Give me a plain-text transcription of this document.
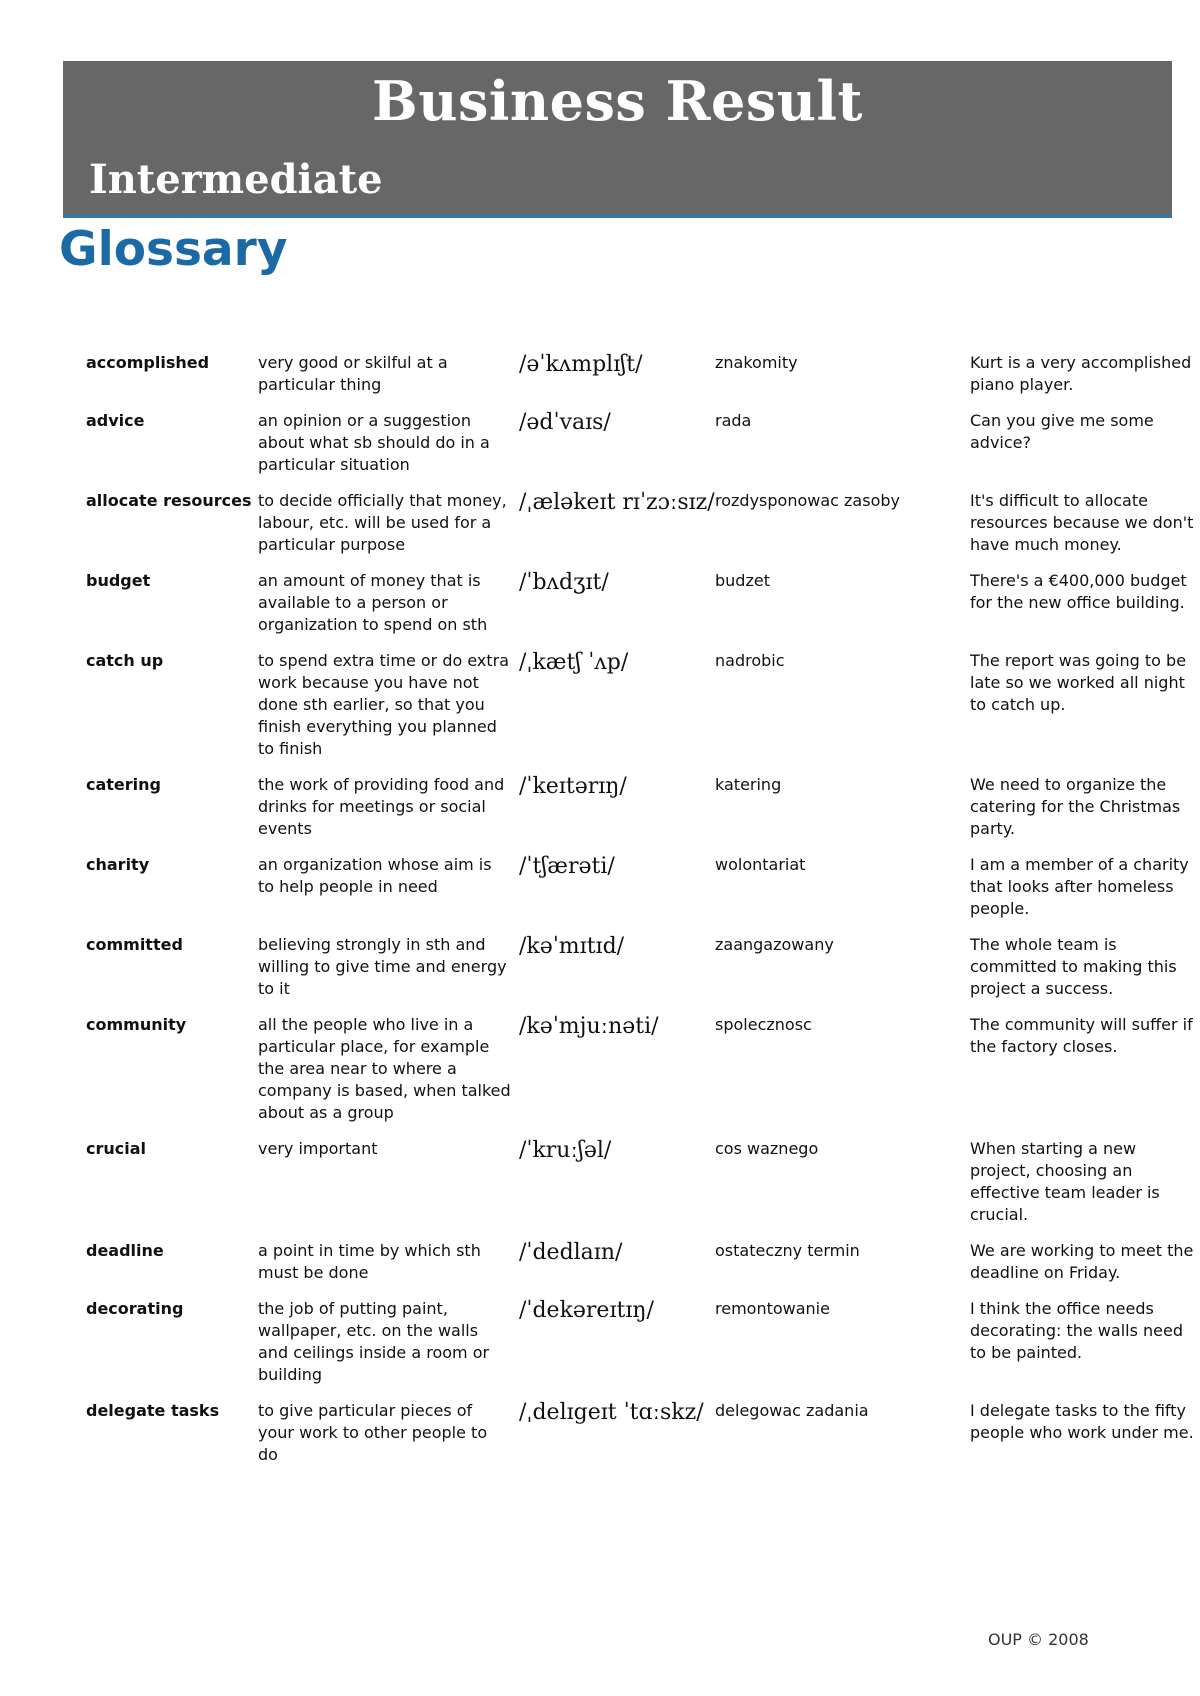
Business Result
Intermediate
Glossary
accomplished	very good or skilful at a particular thing	/əˈkʌmplɪʃt/	znakomity	Kurt is a very accomplished piano player.
advice	an opinion or a suggestion about what sb should do in a particular situation	/ədˈvaɪs/	rada	Can you give me some advice?
allocate resources	to decide officially that money, labour, etc. will be used for a particular purpose	/ˌæləkeɪt rɪˈzɔːsɪz/	rozdysponowac zasoby	It's difficult to allocate resources because we don't have much money.
budget	an amount of money that is available to a person or organization to spend on sth	/ˈbʌdʒɪt/	budzet	There's a €400,000 budget for the new office building.
catch up	to spend extra time or do extra work because you have not done sth earlier, so that you finish everything you planned to finish	/ˌkætʃ ˈʌp/	nadrobic	The report was going to be late so we worked all night to catch up.
catering	the work of providing food and drinks for meetings or social events	/ˈkeɪtərɪŋ/	katering	We need to organize the catering for the Christmas party.
charity	an organization whose aim is to help people in need	/ˈtʃærəti/	wolontariat	I am a member of a charity that looks after homeless people.
committed	believing strongly in sth and willing to give time and energy to it	/kəˈmɪtɪd/	zaangazowany	The whole team is committed to making this project a success.
community	all the people who live in a particular place, for example the area near to where a company is based, when talked about as a group	/kəˈmjuːnəti/	spolecznosc	The community will suffer if the factory closes.
crucial	very important	/ˈkruːʃəl/	cos waznego	When starting a new project, choosing an effective team leader is crucial.
deadline	a point in time by which sth must be done	/ˈdedlaɪn/	ostateczny termin	We are working to meet the deadline on Friday.
decorating	the job of putting paint, wallpaper, etc. on the walls and ceilings inside a room or building	/ˈdekəreɪtɪŋ/	remontowanie	I think the office needs decorating: the walls need to be painted.
delegate tasks	to give particular pieces of your work to other people to do	/ˌdelɪgeɪt ˈtɑːskz/	delegowac zadania	I delegate tasks to the fifty people who work under me.
OUP © 2008
